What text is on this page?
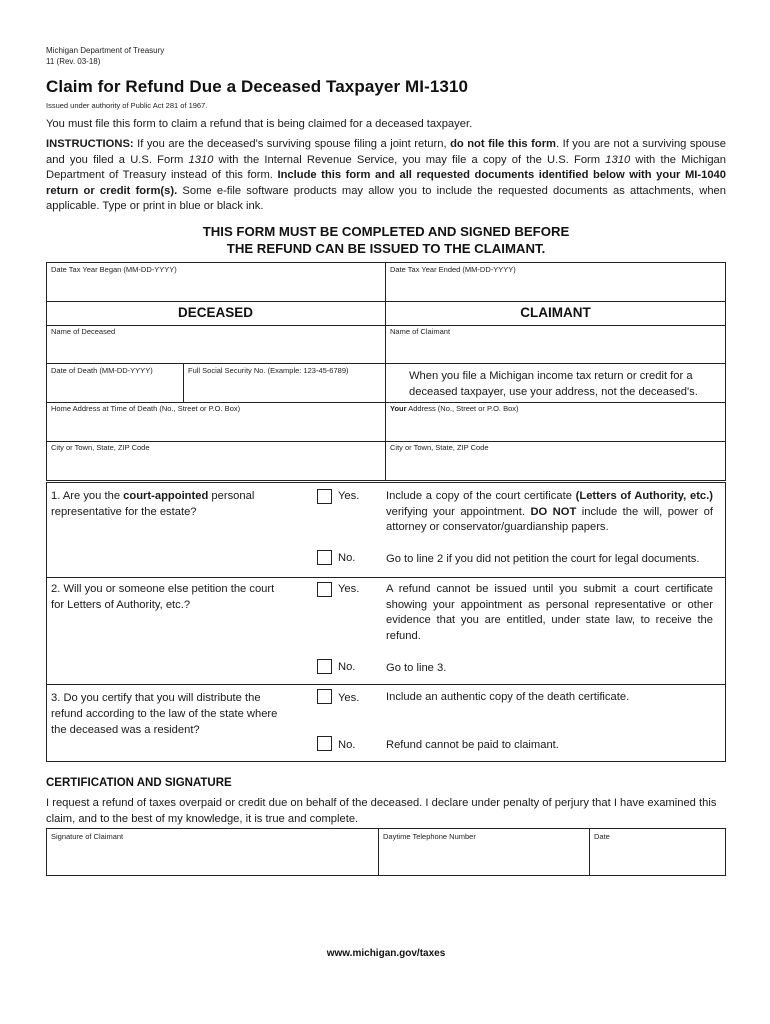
Michigan Department of Treasury
11 (Rev. 03-18)
Claim for Refund Due a Deceased Taxpayer MI-1310
Issued under authority of Public Act 281 of 1967.
You must file this form to claim a refund that is being claimed for a deceased taxpayer.
INSTRUCTIONS: If you are the deceased's surviving spouse filing a joint return, do not file this form. If you are not a surviving spouse and you filed a U.S. Form 1310 with the Internal Revenue Service, you may file a copy of the U.S. Form 1310 with the Michigan Department of Treasury instead of this form. Include this form and all requested documents identified below with your MI-1040 return or credit form(s). Some e-file software products may allow you to include the requested documents as attachments, when applicable. Type or print in blue or black ink.
THIS FORM MUST BE COMPLETED AND SIGNED BEFORE
THE REFUND CAN BE ISSUED TO THE CLAIMANT.
Date Tax Year Began (MM-DD-YYYY)	Date Tax Year Ended (MM-DD-YYYY)
DECEASED	CLAIMANT
Name of Deceased	Name of Claimant
Date of Death (MM-DD-YYYY)	Full Social Security No. (Example: 123-45-6789)	When you file a Michigan income tax return or credit for a deceased taxpayer, use your address, not the deceased's.
Home Address at Time of Death (No., Street or P.O. Box)	Your Address (No., Street or P.O. Box)
City or Town, State, ZIP Code	City or Town, State, ZIP Code
1. Are you the court-appointed personal representative for the estate?
Yes. Include a copy of the court certificate (Letters of Authority, etc.) verifying your appointment. DO NOT include the will, power of attorney or conservator/guardianship papers.
No.	Go to line 2 if you did not petition the court for legal documents.
2. Will you or someone else petition the court for Letters of Authority, etc.?
Yes. A refund cannot be issued until you submit a court certificate showing your appointment as personal representative or other evidence that you are entitled, under state law, to receive the refund.
No.	Go to line 3.
3. Do you certify that you will distribute the refund according to the law of the state where the deceased was a resident?
Yes. Include an authentic copy of the death certificate.
No.	Refund cannot be paid to claimant.
CERTIFICATION AND SIGNATURE
I request a refund of taxes overpaid or credit due on behalf of the deceased. I declare under penalty of perjury that I have examined this claim, and to the best of my knowledge, it is true and complete.
Signature of Claimant	Daytime Telephone Number	Date
www.michigan.gov/taxes
